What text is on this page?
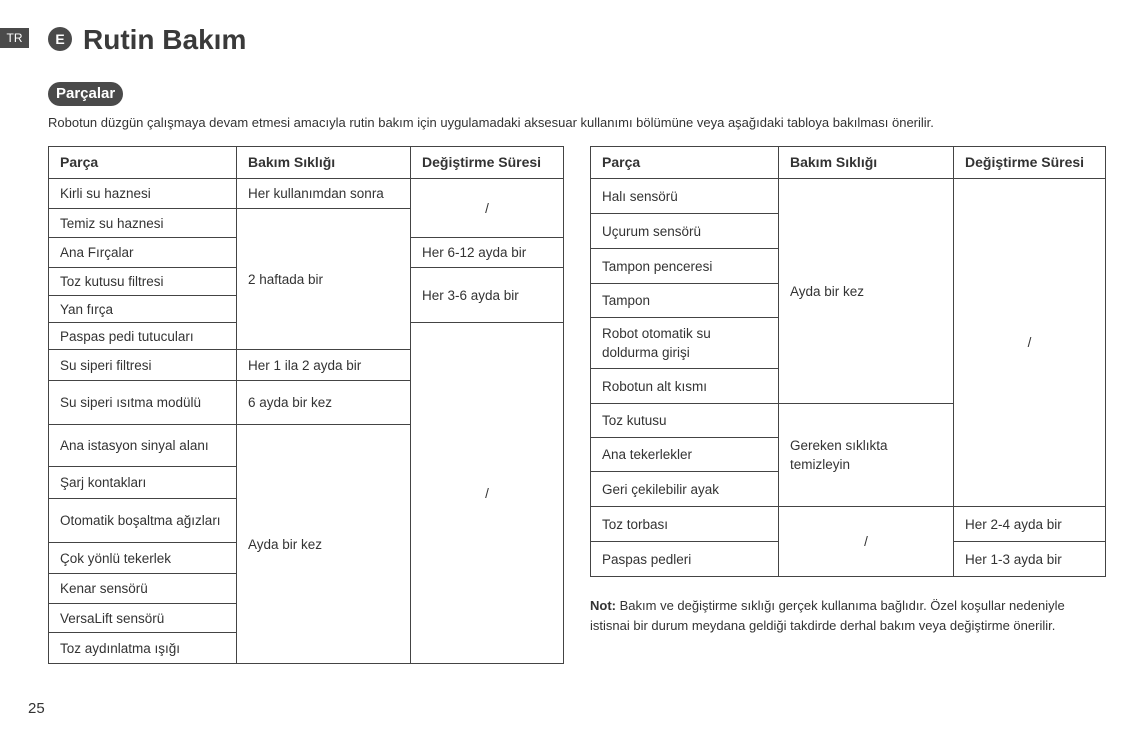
TR	E Rutin Bakım
Parçalar
Robotun düzgün çalışmaya devam etmesi amacıyla rutin bakım için uygulamadaki aksesuar kullanımı bölümüne veya aşağıdaki tabloya bakılması önerilir.
Parça	Bakım Sıklığı	Değiştirme Süresi
Kirli su haznesi	Her kullanımdan sonra	/
Temiz su haznesi	2 haftada bir	
Ana Fırçalar		Her 6-12 ayda bir
Toz kutusu filtresi		Her 3-6 ayda bir
Yan fırça		
Paspas pedi tutucuları		/
Su siperi filtresi	Her 1 ila 2 ayda bir	
Su siperi ısıtma modülü	6 ayda bir kez	
Ana istasyon sinyal alanı	Ayda bir kez	
Şarj kontakları		
Otomatik boşaltma ağızları		
Çok yönlü tekerlek		
Kenar sensörü		
VersaLift sensörü		
Toz aydınlatma ışığı		
Parça	Bakım Sıklığı	Değiştirme Süresi
Halı sensörü	Ayda bir kez	/
Uçurum sensörü		
Tampon penceresi		
Tampon		
Robot otomatik su doldurma girişi		
Robotun alt kısmı		
Toz kutusu	Gereken sıklıkta temizleyin	
Ana tekerlekler		
Geri çekilebilir ayak		
Toz torbası	/	Her 2-4 ayda bir
Paspas pedleri		Her 1-3 ayda bir
Not: Bakım ve değiştirme sıklığı gerçek kullanıma bağlıdır. Özel koşullar nedeniyle istisnai bir durum meydana geldiği takdirde derhal bakım veya değiştirme önerilir.
25
